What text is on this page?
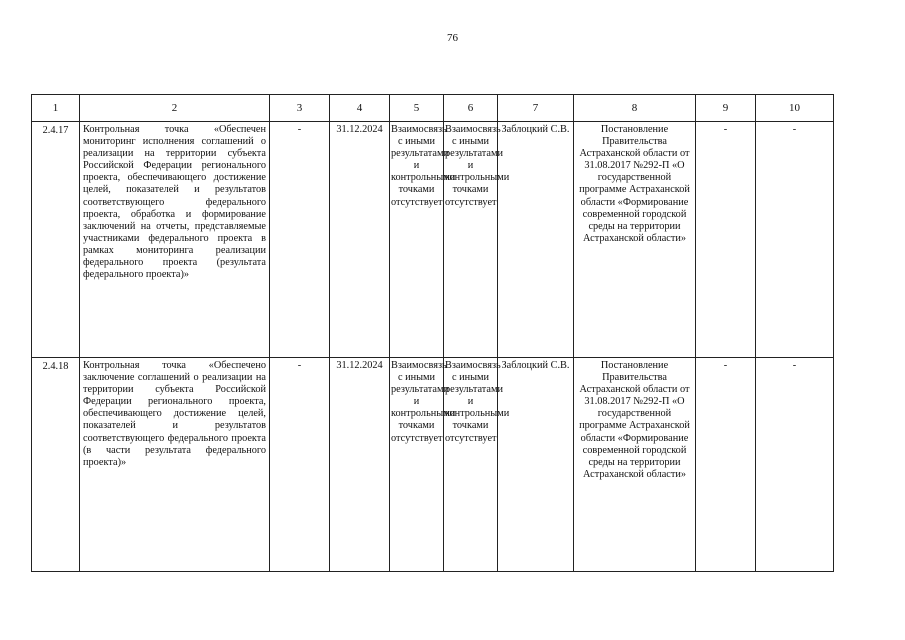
76
1	2	3	4	5	6	7	8	9	10
2.4.17	Контрольная точка «Обеспечен мониторинг исполнения соглашений о реализации на территории субъекта Российской Федерации регионального проекта, обеспечивающего достижение целей, показателей и результатов соответствующего федерального проекта, обработка и формирование заключений на отчеты, представляемые участниками федерального проекта в рамках мониторинга реализации федерального проекта (результата федерального проекта)»	-	31.12.2024	Взаимосвязь с иными результатами и контрольными точками отсутствует	Взаимосвязь с иными результатами и контрольными точками отсутствует	Заблоцкий С.В.	Постановление Правительства Астраханской области от 31.08.2017 №292-П «О государственной программе Астраханской области «Формирование современной городской среды на территории Астраханской области»	-	-
2.4.18	Контрольная точка «Обеспечено заключение соглашений о реализации на территории субъекта Российской Федерации регионального проекта, обеспечивающего достижение целей, показателей и результатов соответствующего федерального проекта (в части результата федерального проекта)»	-	31.12.2024	Взаимосвязь с иными результатами и контрольными точками отсутствует	Взаимосвязь с иными результатами и контрольными точками отсутствует	Заблоцкий С.В.	Постановление Правительства Астраханской области от 31.08.2017 №292-П «О государственной программе Астраханской области «Формирование современной городской среды на территории Астраханской области»	-	-
